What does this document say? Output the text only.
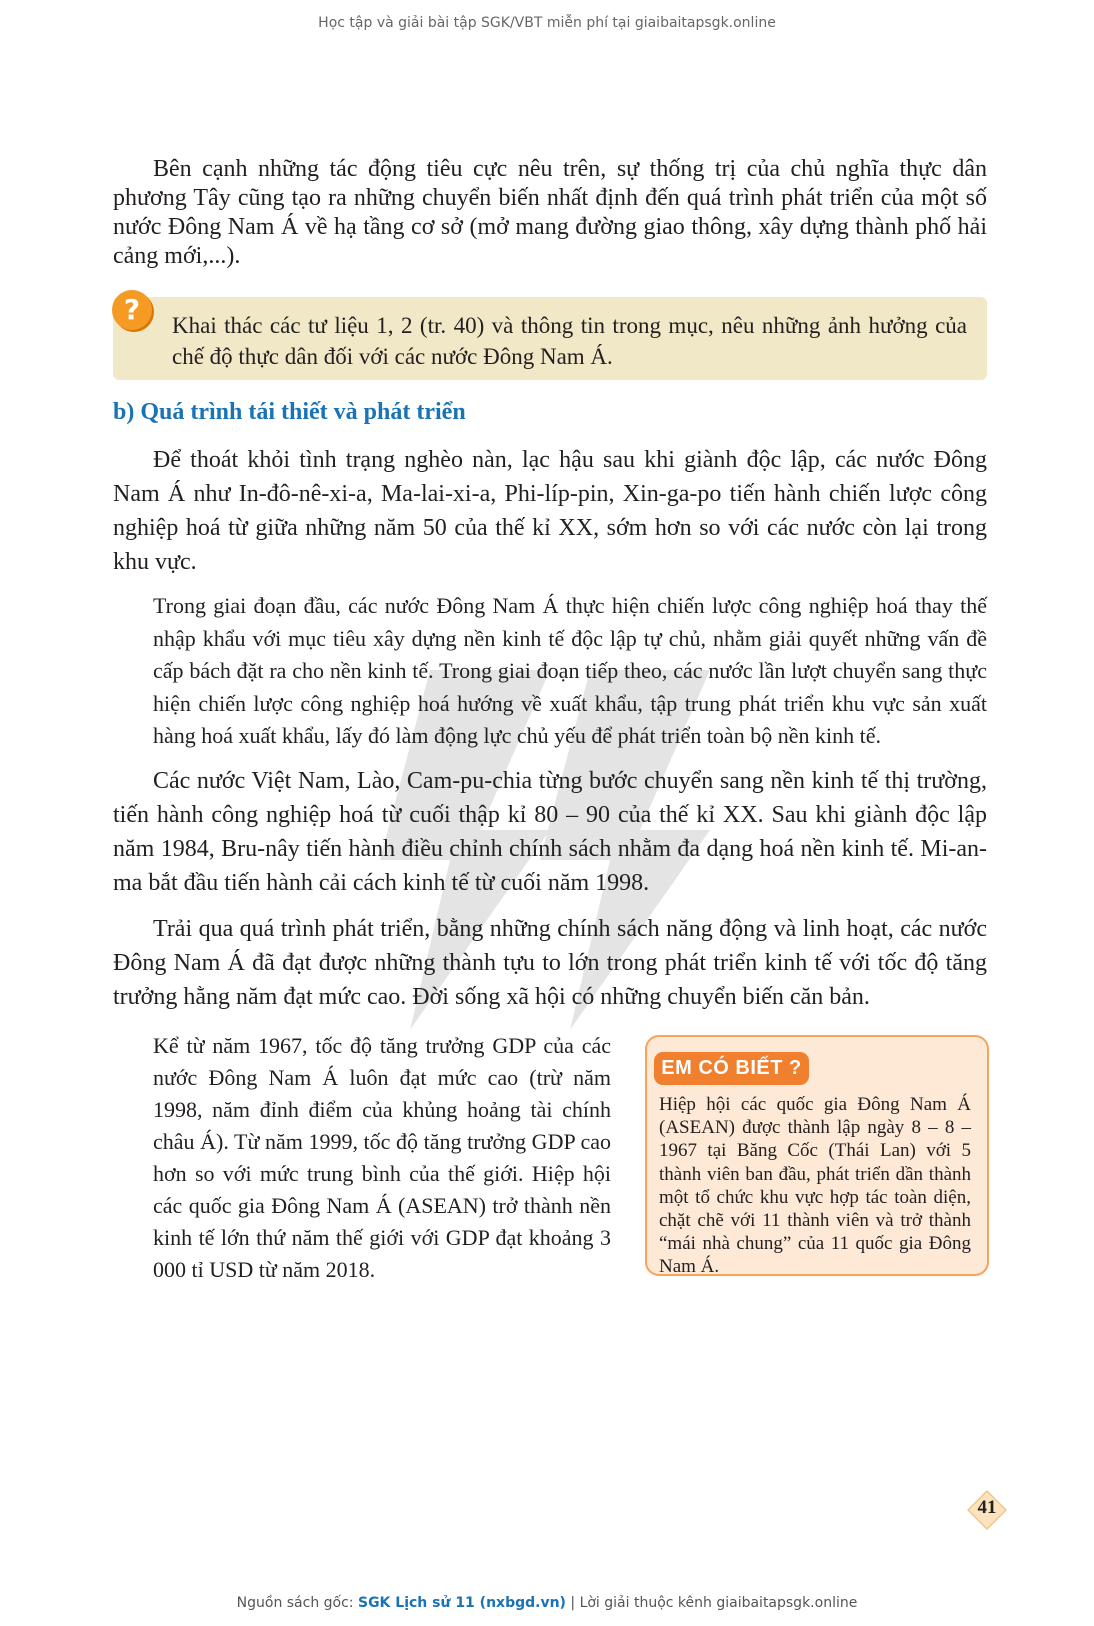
Học tập và giải bài tập SGK/VBT miễn phí tại giaibaitapsgk.online

Bên cạnh những tác động tiêu cực nêu trên, sự thống trị của chủ nghĩa thực dân phương Tây cũng tạo ra những chuyển biến nhất định đến quá trình phát triển của một số nước Đông Nam Á về hạ tầng cơ sở (mở mang đường giao thông, xây dựng thành phố hải cảng mới,...).

?	Khai thác các tư liệu 1, 2 (tr. 40) và thông tin trong mục, nêu những ảnh hưởng của chế độ thực dân đối với các nước Đông Nam Á.

b) Quá trình tái thiết và phát triển

Để thoát khỏi tình trạng nghèo nàn, lạc hậu sau khi giành độc lập, các nước Đông Nam Á như In-đô-nê-xi-a, Ma-lai-xi-a, Phi-líp-pin, Xin-ga-po tiến hành chiến lược công nghiệp hoá từ giữa những năm 50 của thế kỉ XX, sớm hơn so với các nước còn lại trong khu vực.

Trong giai đoạn đầu, các nước Đông Nam Á thực hiện chiến lược công nghiệp hoá thay thế nhập khẩu với mục tiêu xây dựng nền kinh tế độc lập tự chủ, nhằm giải quyết những vấn đề cấp bách đặt ra cho nền kinh tế. Trong giai đoạn tiếp theo, các nước lần lượt chuyển sang thực hiện chiến lược công nghiệp hoá hướng về xuất khẩu, tập trung phát triển khu vực sản xuất hàng hoá xuất khẩu, lấy đó làm động lực chủ yếu để phát triển toàn bộ nền kinh tế.

Các nước Việt Nam, Lào, Cam-pu-chia từng bước chuyển sang nền kinh tế thị trường, tiến hành công nghiệp hoá từ cuối thập kỉ 80 – 90 của thế kỉ XX. Sau khi giành độc lập năm 1984, Bru-nây tiến hành điều chỉnh chính sách nhằm đa dạng hoá nền kinh tế. Mi-an-ma bắt đầu tiến hành cải cách kinh tế từ cuối năm 1998.

Trải qua quá trình phát triển, bằng những chính sách năng động và linh hoạt, các nước Đông Nam Á đã đạt được những thành tựu to lớn trong phát triển kinh tế với tốc độ tăng trưởng hằng năm đạt mức cao. Đời sống xã hội có những chuyển biến căn bản.

Kể từ năm 1967, tốc độ tăng trưởng GDP của các nước Đông Nam Á luôn đạt mức cao (trừ năm 1998, năm đỉnh điểm của khủng hoảng tài chính châu Á). Từ năm 1999, tốc độ tăng trưởng GDP cao hơn so với mức trung bình của thế giới. Hiệp hội các quốc gia Đông Nam Á (ASEAN) trở thành nền kinh tế lớn thứ năm thế giới với GDP đạt khoảng 3 000 tỉ USD từ năm 2018.

EM CÓ BIẾT ?

Hiệp hội các quốc gia Đông Nam Á (ASEAN) được thành lập ngày 8 – 8 – 1967 tại Băng Cốc (Thái Lan) với 5 thành viên ban đầu, phát triển dần thành một tổ chức khu vực hợp tác toàn diện, chặt chẽ với 11 thành viên và trở thành “mái nhà chung” của 11 quốc gia Đông Nam Á.

41
Nguồn sách gốc: SGK Lịch sử 11 (nxbgd.vn) | Lời giải thuộc kênh giaibaitapsgk.online
